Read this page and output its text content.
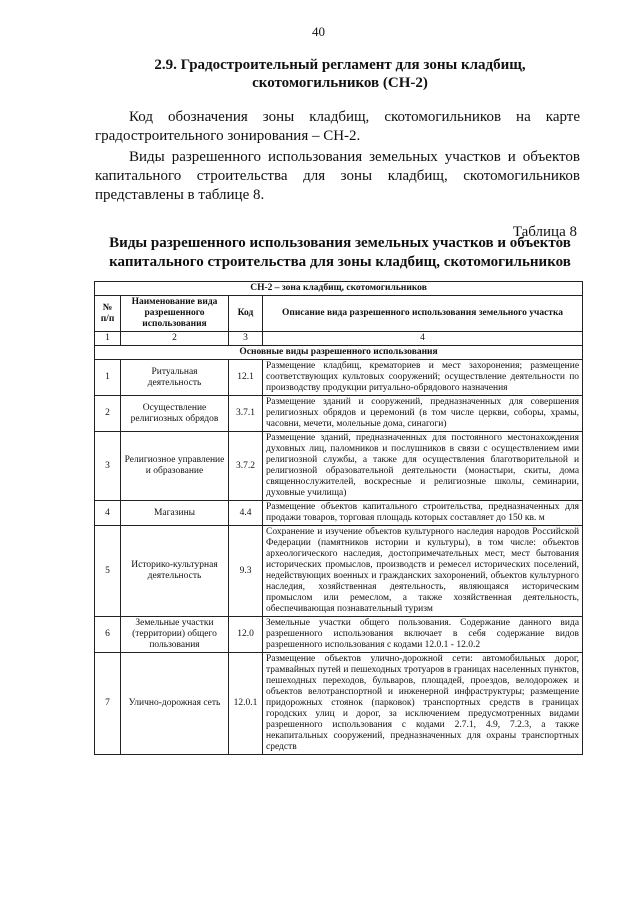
40
2.9. Градостроительный регламент для зоны кладбищ, скотомогильников (СН-2)
Код обозначения зоны кладбищ, скотомогильников на карте градостроительного зонирования – СН-2.
Виды разрешенного использования земельных участков и объектов капитального строительства для зоны кладбищ, скотомогильников представлены в таблице 8.
Таблица 8
Виды разрешенного использования земельных участков и объектов капитального строительства для зоны кладбищ, скотомогильников
СН-2 – зона кладбищ, скотомогильников			
№ п/п	Наименование вида разрешенного использования	Код	Описание вида разрешенного использования земельного участка
1	2	3	4
Основные виды разрешенного использования			
1	Ритуальная деятельность	12.1	Размещение кладбищ, крематориев и мест захоронения; размещение соответствующих культовых сооружений; осуществление деятельности по производству продукции ритуально-обрядового назначения
2	Осуществление религиозных обрядов	3.7.1	Размещение зданий и сооружений, предназначенных для совершения религиозных обрядов и церемоний (в том числе церкви, соборы, храмы, часовни, мечети, молельные дома, синагоги)
3	Религиозное управление и образование	3.7.2	Размещение зданий, предназначенных для постоянного местонахождения духовных лиц, паломников и послушников в связи с осуществлением ими религиозной службы, а также для осуществления благотворительной и религиозной образовательной деятельности (монастыри, скиты, дома священнослужителей, воскресные и религиозные школы, семинарии, духовные училища)
4	Магазины	4.4	Размещение объектов капитального строительства, предназначенных для продажи товаров, торговая площадь которых составляет до 150 кв. м
5	Историко-культурная деятельность	9.3	Сохранение и изучение объектов культурного наследия народов Российской Федерации (памятников истории и культуры), в том числе: объектов археологического наследия, достопримечательных мест, мест бытования исторических промыслов, производств и ремесел исторических поселений, недействующих военных и гражданских захоронений, объектов культурного наследия, хозяйственная деятельность, являющаяся историческим промыслом или ремеслом, а также хозяйственная деятельность, обеспечивающая познавательный туризм
6	Земельные участки (территории) общего пользования	12.0	Земельные участки общего пользования. Содержание данного вида разрешенного использования включает в себя содержание видов разрешенного использования с кодами 12.0.1 - 12.0.2
7	Улично-дорожная сеть	12.0.1	Размещение объектов улично-дорожной сети: автомобильных дорог, трамвайных путей и пешеходных тротуаров в границах населенных пунктов, пешеходных переходов, бульваров, площадей, проездов, велодорожек и объектов велотранспортной и инженерной инфраструктуры; размещение придорожных стоянок (парковок) транспортных средств в границах городских улиц и дорог, за исключением предусмотренных видами разрешенного использования с кодами 2.7.1, 4.9, 7.2.3, а также некапитальных сооружений, предназначенных для охраны транспортных средств
